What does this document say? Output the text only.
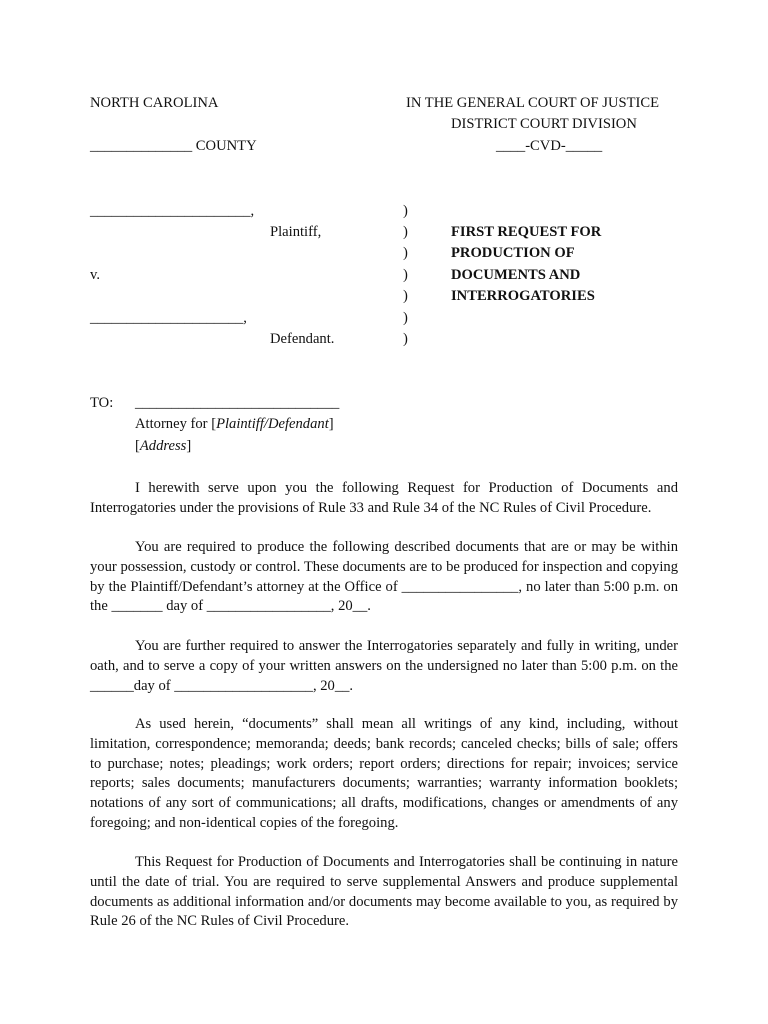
NORTH CAROLINA	IN THE GENERAL COURT OF JUSTICE
DISTRICT COURT DIVISION
______________ COUNTY	____-CVD-_____
______________________,
Plaintiff,
v.
_____________________,
Defendant.
)
)
)
)
)
)
)
FIRST REQUEST FOR
PRODUCTION OF
DOCUMENTS AND
INTERROGATORIES
TO: ____________________________
Attorney for [Plaintiff/Defendant]
[Address]
I herewith serve upon you the following Request for Production of Documents and Interrogatories under the provisions of Rule 33 and Rule 34 of the NC Rules of Civil Procedure.
You are required to produce the following described documents that are or may be within your possession, custody or control. These documents are to be produced for inspection and copying by the Plaintiff/Defendant’s attorney at the Office of ________________, no later than 5:00 p.m. on the _______ day of _________________, 20__.
You are further required to answer the Interrogatories separately and fully in writing, under oath, and to serve a copy of your written answers on the undersigned no later than 5:00 p.m. on the ______day of ___________________, 20__.
As used herein, “documents” shall mean all writings of any kind, including, without limitation, correspondence; memoranda; deeds; bank records; canceled checks; bills of sale; offers to purchase; notes; pleadings; work orders; report orders; directions for repair; invoices; service reports; sales documents; manufacturers documents; warranties; warranty information booklets; notations of any sort of communications; all drafts, modifications, changes or amendments of any foregoing; and non-identical copies of the foregoing.
This Request for Production of Documents and Interrogatories shall be continuing in nature until the date of trial. You are required to serve supplemental Answers and produce supplemental documents as additional information and/or documents may become available to you, as required by Rule 26 of the NC Rules of Civil Procedure.
